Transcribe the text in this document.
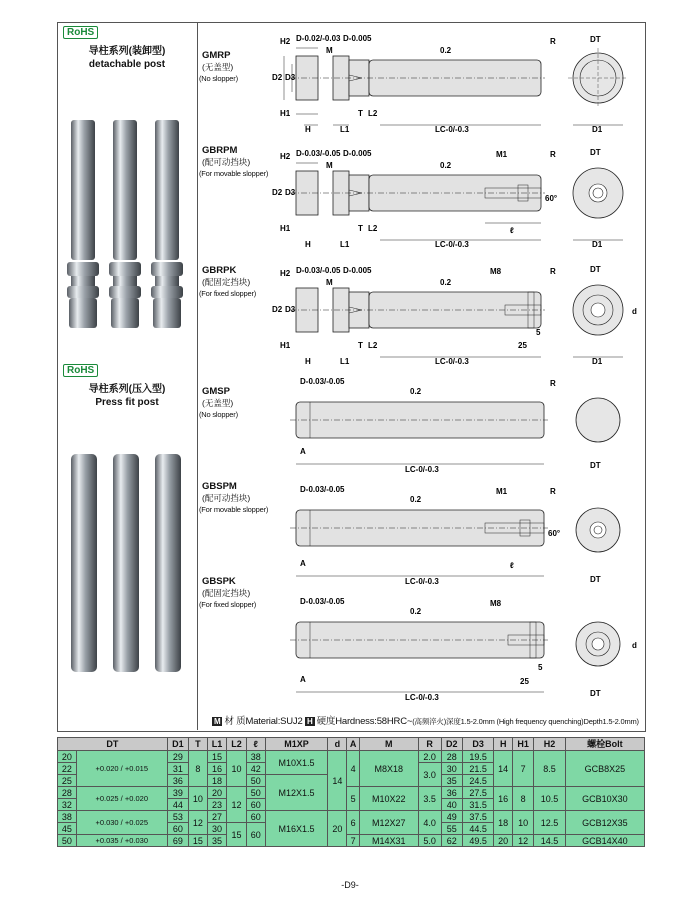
RoHS
导柱系列(装卸型)
detachable post
RoHS
导柱系列(压入型)
Press fit post
GMRP
(无盖型)
(No slopper)
GBRPM
(配可动挡块)
(For movable slopper)
GBRPK
(配固定挡块)
(For fixed slopper)
GMSP
(无盖型)
(No slopper)
GBSPM
(配可动挡块)
(For movable slopper)
GBSPK
(配固定挡块)
(For fixed slopper)
H2 D-0.02/-0.03 D-0.005
M
D2 D3
H1
H	L1
T L2
LC-0/-0.3
0.2
R	DT
D1
H2 D-0.03/-0.05 D-0.005
M
D2 D3
H1
H	L1
T L2
LC-0/-0.3
0.2
M1
ℓ
60°
R	DT
D1
H2 D-0.03/-0.05 D-0.005
M
D2 D3
H1
H	L1
T L2
LC-0/-0.3
0.2
M8
5
25
R	DT
d
D1
D-0.03/-0.05
0.2
R
A
LC-0/-0.3	DT
D-0.03/-0.05
0.2
M1	R
60°
A	ℓ
LC-0/-0.3	DT
D-0.03/-0.05
0.2
M8
5
25
d
A
LC-0/-0.3	DT
M 材 质Material:SUJ2 H 硬度Hardness:58HRC~(高频淬火)深度1.5-2.0mm (High frequency quenching)Depth1.5-2.0mm)
DT		D1	T	L1	L2	ℓ	M1XP	d	A	M	R	D2	D3	H	H1	H2	螺栓Bolt
20	+0.020 / +0.015	29	8	15	10	38	M10X1.5	14	4	M8X18	2.0	28	19.5	14	7	8.5	GCB8X25
22		31		16		42					3.0	30	21.5				
25		36		18		50	M12X1.5					35	24.5				
28	+0.025 / +0.020	39	10	20	12	50			5	M10X22	3.5	36	27.5	16	8	10.5	GCB10X30
32		44		23		60						40	31.5				
38	+0.030 / +0.025	53	12	27		60	M16X1.5	20	6	M12X27	4.0	49	37.5	18	10	12.5	GCB12X35
45		60		30	15	60						55	44.5				
50	+0.035 / +0.030	69	15	35					7	M14X31	5.0	62	49.5	20	12	14.5	GCB14X40
-D9-
